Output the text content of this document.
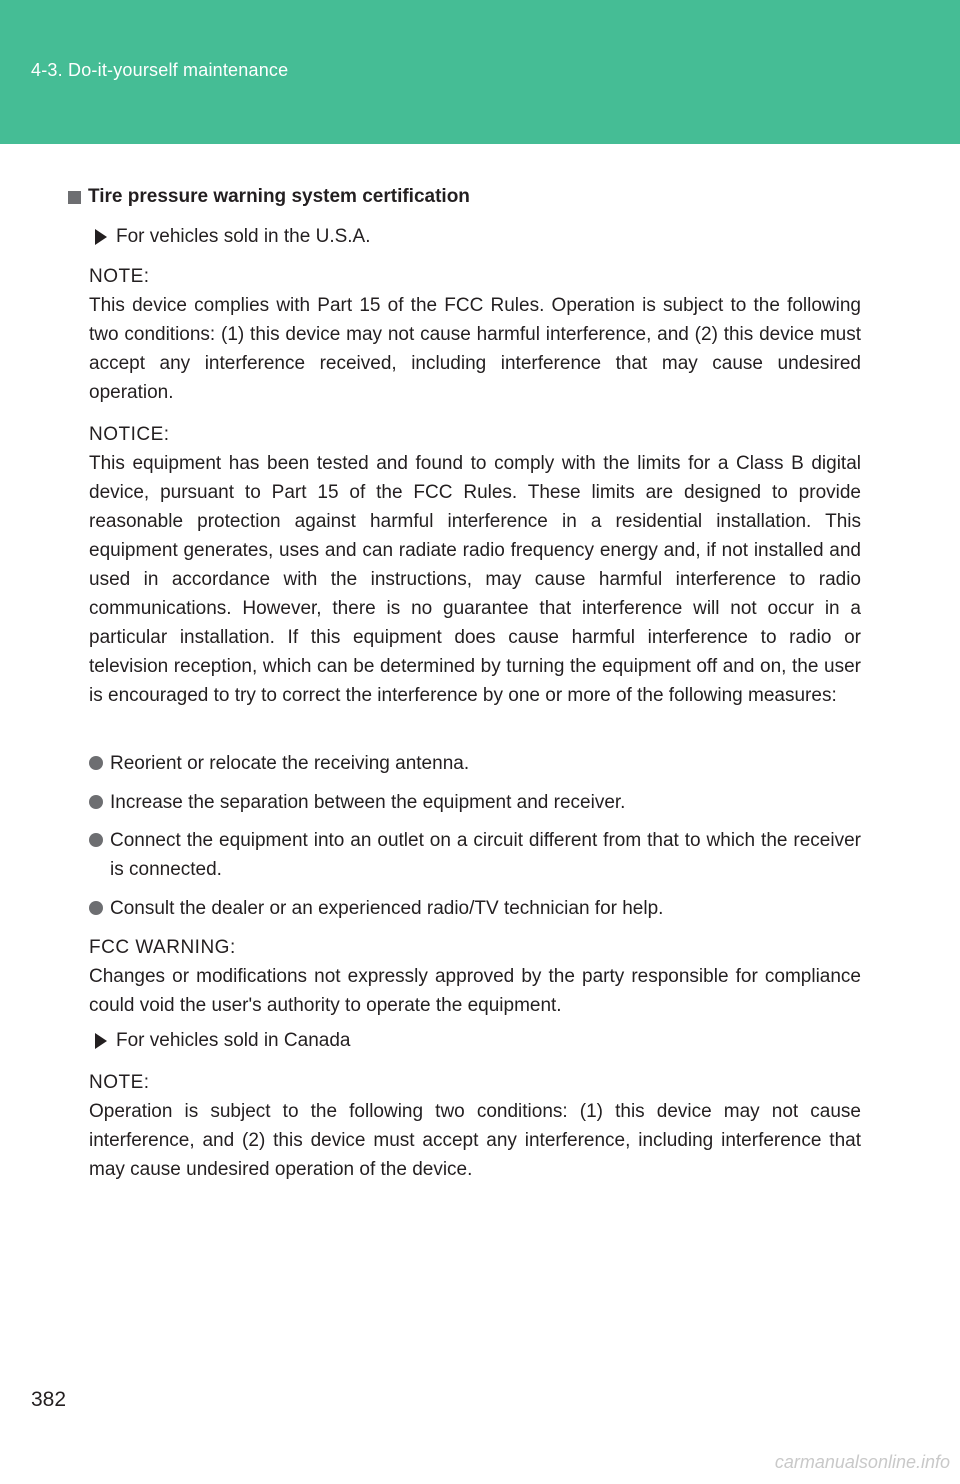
4-3. Do-it-yourself maintenance
Tire pressure warning system certification
For vehicles sold in the U.S.A.
NOTE:
This device complies with Part 15 of the FCC Rules. Operation is subject to the following two conditions: (1) this device may not cause harmful interference, and (2) this device must accept any interference received, including interference that may cause undesired operation.
NOTICE:
This equipment has been tested and found to comply with the limits for a Class B digital device, pursuant to Part 15 of the FCC Rules. These limits are designed to provide reasonable protection against harmful interference in a residential installation. This equipment generates, uses and can radiate radio frequency energy and, if not installed and used in accordance with the instructions, may cause harmful interference to radio communications. However, there is no guarantee that interference will not occur in a particular installation. If this equipment does cause harmful interference to radio or television reception, which can be determined by turning the equipment off and on, the user is encouraged to try to correct the interference by one or more of the following measures:
Reorient or relocate the receiving antenna.
Increase the separation between the equipment and receiver.
Connect the equipment into an outlet on a circuit different from that to which the receiver is connected.
Consult the dealer or an experienced radio/TV technician for help.
FCC WARNING:
Changes or modifications not expressly approved by the party responsible for compliance could void the user's authority to operate the equipment.
For vehicles sold in Canada
NOTE:
Operation is subject to the following two conditions: (1) this device may not cause interference, and (2) this device must accept any interference, including interference that may cause undesired operation of the device.
382
carmanualsonline.info
